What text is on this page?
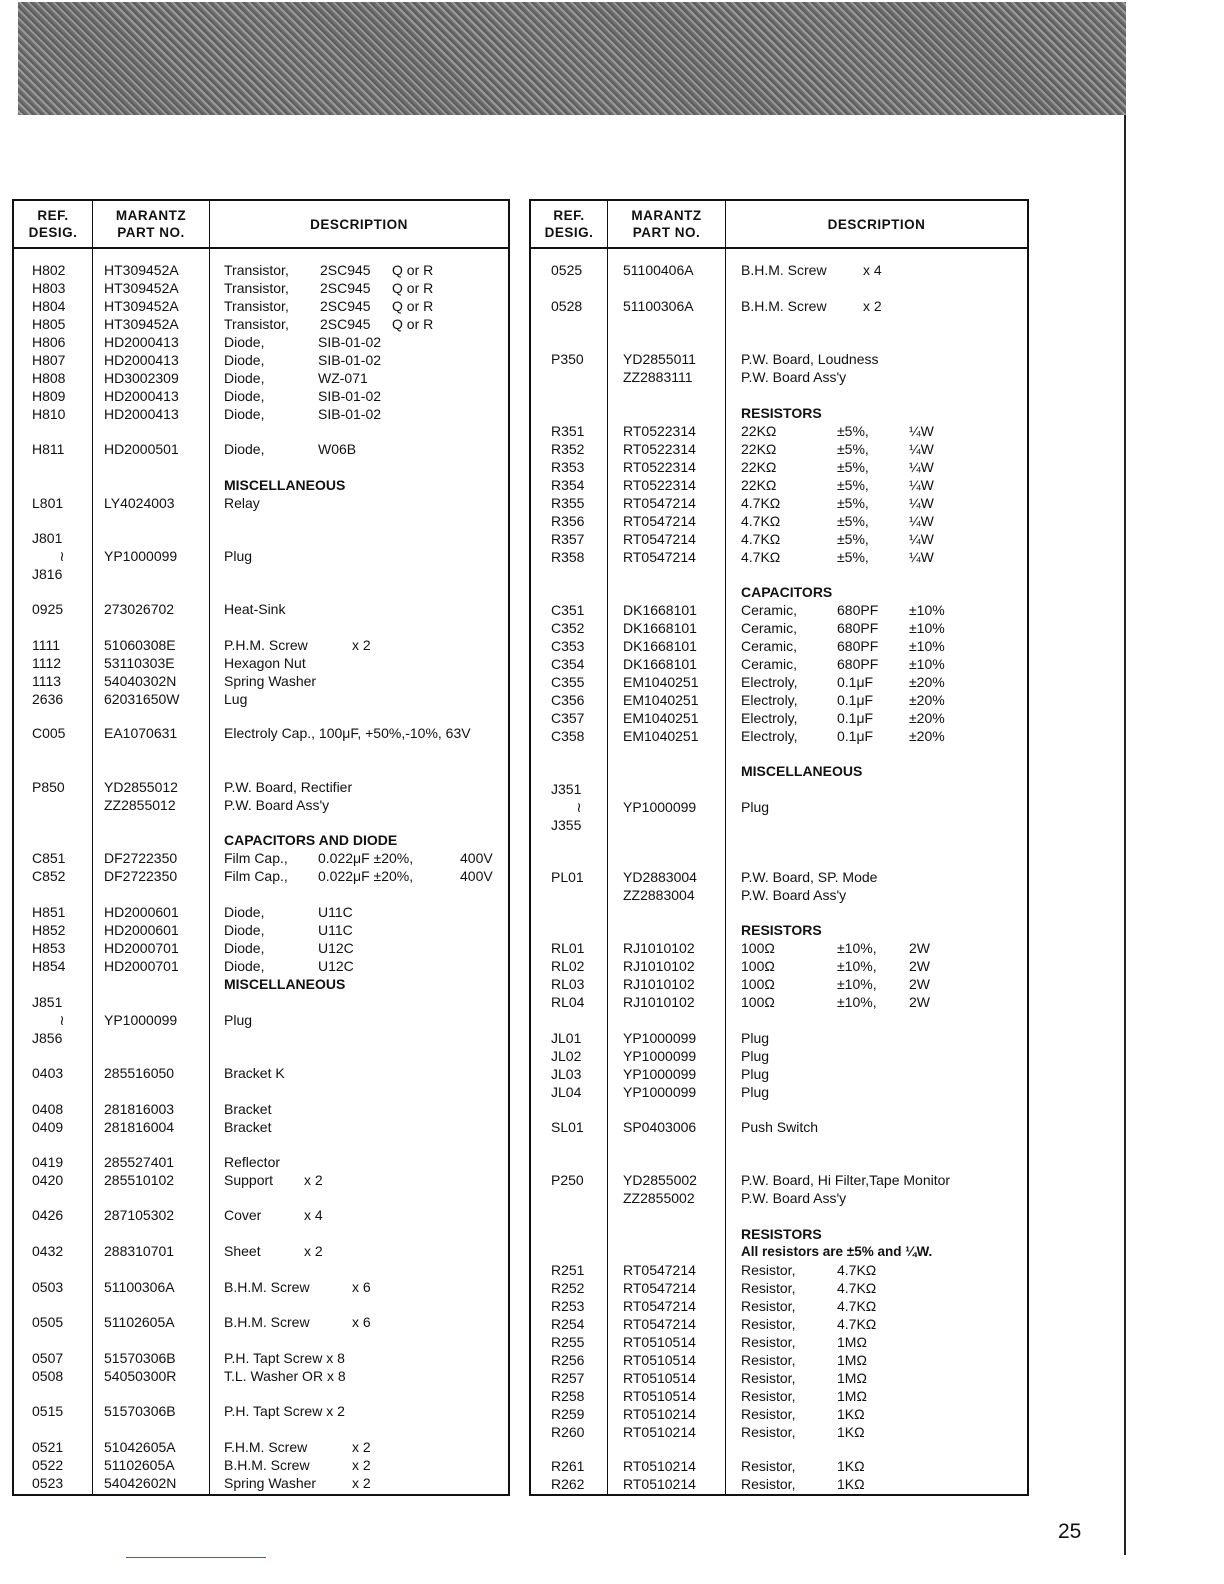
REF.
DESIG.
MARANTZ
PART NO.
DESCRIPTION
H802	HT309452A	Transistor, 2SC945 Q or R
H803	HT309452A	Transistor, 2SC945 Q or R
H804	HT309452A	Transistor, 2SC945 Q or R
H805	HT309452A	Transistor, 2SC945 Q or R
H806	HD2000413	Diode,	SIB-01-02
H807	HD2000413	Diode,	SIB-01-02
H808	HD3002309	Diode,	WZ-071
H809	HD2000413	Diode,	SIB-01-02
H810	HD2000413	Diode,	SIB-01-02
H811	HD2000501	Diode,	W06B
MISCELLANEOUS
L801	LY4024003	Relay
J801
≀	YP1000099	Plug
J816
0925	273026702	Heat-Sink
1111	51060308E	P.H.M. Screw	x 2
1112	53110303E	Hexagon Nut
1113	54040302N	Spring Washer
2636	62031650W	Lug
C005	EA1070631	Electroly Cap., 100μF, +50%,-10%, 63V
P850	YD2855012	P.W. Board, Rectifier
ZZ2855012	P.W. Board Ass'y
CAPACITORS AND DIODE
C851	DF2722350	Film Cap., 0.022μF ±20%,	400V
C852	DF2722350	Film Cap., 0.022μF ±20%,	400V
H851	HD2000601	Diode,	U11C
H852	HD2000601	Diode,	U11C
H853	HD2000701	Diode,	U12C
H854	HD2000701	Diode,	U12C
MISCELLANEOUS
J851
≀	YP1000099	Plug
J856
0403	285516050	Bracket K
0408	281816003	Bracket
0409	281816004	Bracket
0419	285527401	Reflector
0420	285510102	Support x 2
0426	287105302	Cover	x 4
0432	288310701	Sheet	x 2
0503	51100306A	B.H.M. Screw	x 6
0505	51102605A	B.H.M. Screw	x 6
0507	51570306B	P.H. Tapt Screw x 8
0508	54050300R	T.L. Washer OR x 8
0515	51570306B	P.H. Tapt Screw x 2
0521	51042605A	F.H.M. Screw	x 2
0522	51102605A	B.H.M. Screw	x 2
0523	54042602N	Spring Washer	x 2
REF.
DESIG.
MARANTZ
PART NO.
DESCRIPTION
0525	51100406A	B.H.M. Screw	x 4
0528	51100306A	B.H.M. Screw	x 2
P350	YD2855011	P.W. Board, Loudness
ZZ2883111	P.W. Board Ass'y
RESISTORS
R351	RT0522314	22KΩ	±5%,	¼W
R352	RT0522314	22KΩ	±5%,	¼W
R353	RT0522314	22KΩ	±5%,	¼W
R354	RT0522314	22KΩ	±5%,	¼W
R355	RT0547214	4.7KΩ	±5%,	¼W
R356	RT0547214	4.7KΩ	±5%,	¼W
R357	RT0547214	4.7KΩ	±5%,	¼W
R358	RT0547214	4.7KΩ	±5%,	¼W
CAPACITORS
C351	DK1668101	Ceramic,	680PF ±10%
C352	DK1668101	Ceramic,	680PF ±10%
C353	DK1668101	Ceramic,	680PF ±10%
C354	DK1668101	Ceramic,	680PF ±10%
C355	EM1040251	Electroly,	0.1μF	±20%
C356	EM1040251	Electroly,	0.1μF	±20%
C357	EM1040251	Electroly,	0.1μF	±20%
C358	EM1040251	Electroly,	0.1μF	±20%
MISCELLANEOUS
J351
≀	YP1000099	Plug
J355
PL01	YD2883004	P.W. Board, SP. Mode
ZZ2883004	P.W. Board Ass'y
RESISTORS
RL01	RJ1010102	100Ω	±10%, 2W
RL02	RJ1010102	100Ω	±10%, 2W
RL03	RJ1010102	100Ω	±10%, 2W
RL04	RJ1010102	100Ω	±10%, 2W
JL01	YP1000099	Plug
JL02	YP1000099	Plug
JL03	YP1000099	Plug
JL04	YP1000099	Plug
SL01	SP0403006	Push Switch
P250	YD2855002	P.W. Board, Hi Filter,Tape Monitor
ZZ2855002	P.W. Board Ass'y
RESISTORS
All resistors are ±5% and ¼W.
R251	RT0547214	Resistor,	4.7KΩ
R252	RT0547214	Resistor,	4.7KΩ
R253	RT0547214	Resistor,	4.7KΩ
R254	RT0547214	Resistor,	4.7KΩ
R255	RT0510514	Resistor,	1MΩ
R256	RT0510514	Resistor,	1MΩ
R257	RT0510514	Resistor,	1MΩ
R258	RT0510514	Resistor,	1MΩ
R259	RT0510214	Resistor,	1KΩ
R260	RT0510214	Resistor,	1KΩ
R261	RT0510214	Resistor,	1KΩ
R262	RT0510214	Resistor,	1KΩ
25
